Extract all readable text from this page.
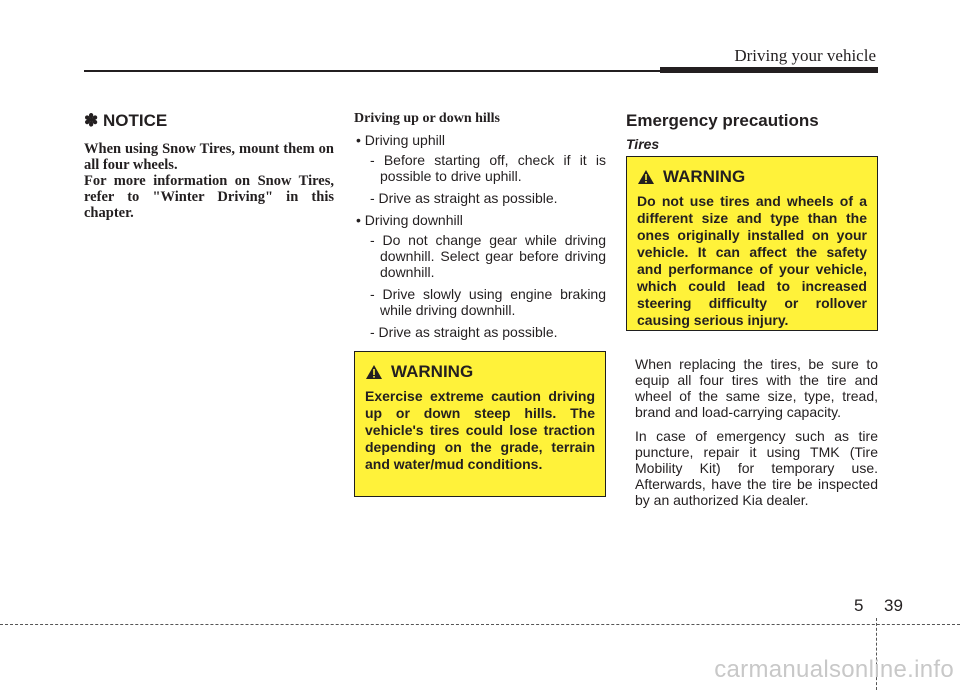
Driving your vehicle
✽ NOTICE

When using Snow Tires, mount them on all four wheels.

For more information on Snow Tires, refer to "Winter Driving" in this chapter.

Driving up or down hills

• Driving uphill

- Before starting off, check if it is possible to drive uphill.

- Drive as straight as possible.

• Driving downhill

- Do not change gear while driving downhill. Select gear before driving downhill.

- Drive slowly using engine braking while driving downhill.

- Drive as straight as possible.

WARNING

Exercise extreme caution driving up or down steep hills. The vehicle's tires could lose traction depending on the grade, terrain and water/mud conditions.

Emergency precautions
Tires
WARNING

Do not use tires and wheels of a different size and type than the ones originally installed on your vehicle. It can affect the safety and performance of your vehicle, which could lead to increased steering difficulty or rollover causing serious injury.

When replacing the tires, be sure to equip all four tires with the tire and wheel of the same size, type, tread, brand and load-carrying capacity.

In case of emergency such as tire puncture, repair it using TMK (Tire Mobility Kit) for temporary use. Afterwards, have the tire be inspected by an authorized Kia dealer.

5 39
carmanualsonline.info
